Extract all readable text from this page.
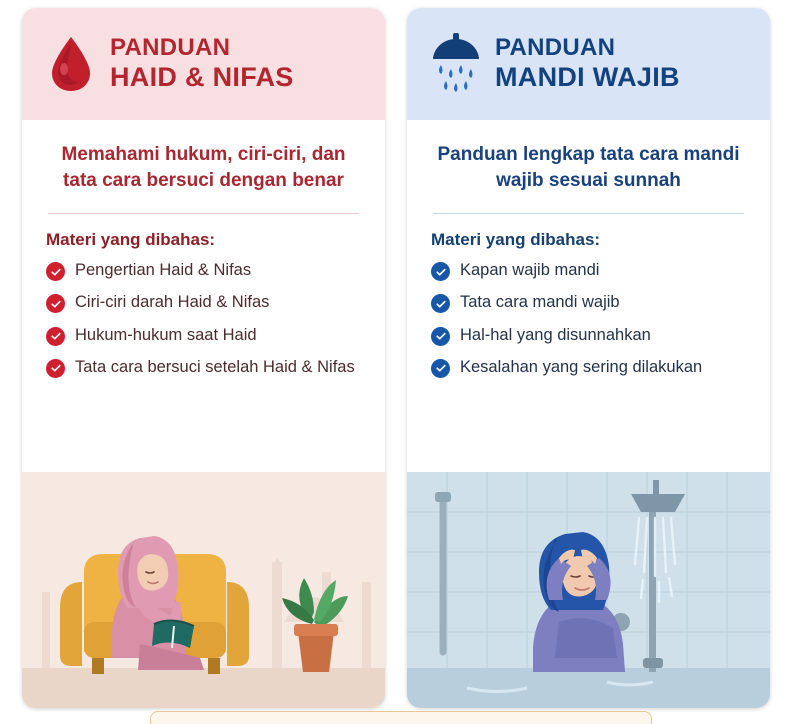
PANDUAN
HAID & NIFAS

Memahami hukum, ciri-ciri, dan tata cara bersuci dengan benar

Materi yang dibahas:

Pengertian Haid & Nifas
Ciri-ciri darah Haid & Nifas
Hukum-hukum saat Haid
Tata cara bersuci setelah Haid & Nifas
PANDUAN
MANDI WAJIB

Panduan lengkap tata cara mandi wajib sesuai sunnah

Materi yang dibahas:

Kapan wajib mandi
Tata cara mandi wajib
Hal-hal yang disunnahkan
Kesalahan yang sering dilakukan
